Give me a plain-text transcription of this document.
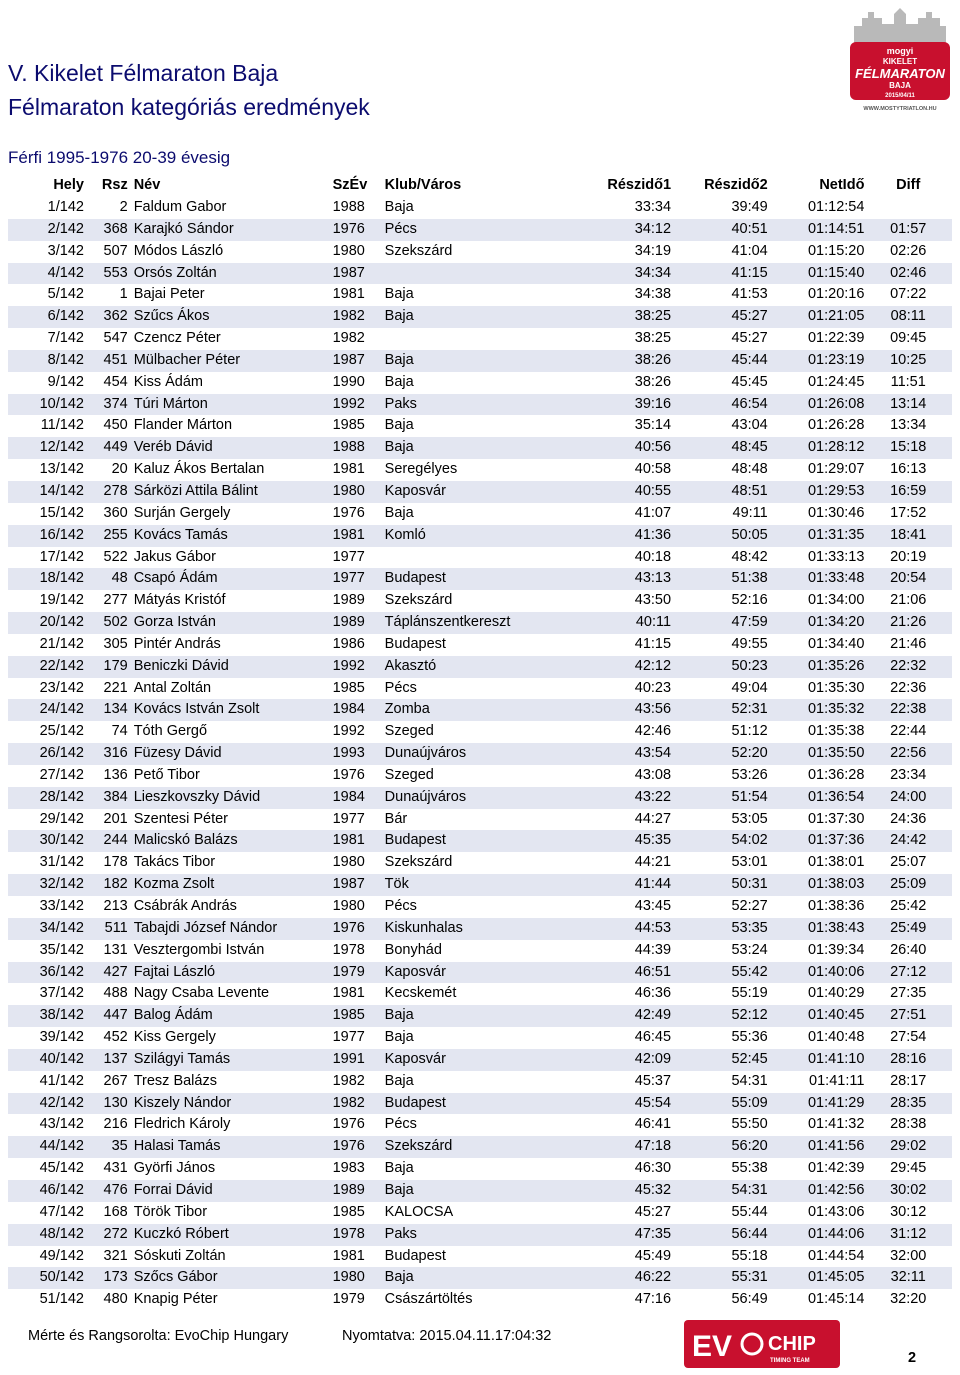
V. Kikelet Félmaraton Baja
Félmaraton kategóriás eredmények
Férfi 1995-1976 20-39 évesig
mogyi
KIKELET
FÉLMARATON
BAJA
2015/04/11
WWW.MOSTYTRIATLON.HU
Hely	Rsz	Név	SzÉv	Klub/Város	Részidő1	Részidő2	NetIdő	Diff
1/142	2	Faldum Gabor	1988	Baja	33:34	39:49	01:12:54	
2/142	368	Karajkó Sándor	1976	Pécs	34:12	40:51	01:14:51	01:57
3/142	507	Módos László	1980	Szekszárd	34:19	41:04	01:15:20	02:26
4/142	553	Orsós Zoltán	1987		34:34	41:15	01:15:40	02:46
5/142	1	Bajai Peter	1981	Baja	34:38	41:53	01:20:16	07:22
6/142	362	Szűcs Ákos	1982	Baja	38:25	45:27	01:21:05	08:11
7/142	547	Czencz Péter	1982		38:25	45:27	01:22:39	09:45
8/142	451	Mülbacher Péter	1987	Baja	38:26	45:44	01:23:19	10:25
9/142	454	Kiss Ádám	1990	Baja	38:26	45:45	01:24:45	11:51
10/142	374	Túri Márton	1992	Paks	39:16	46:54	01:26:08	13:14
11/142	450	Flander Márton	1985	Baja	35:14	43:04	01:26:28	13:34
12/142	449	Veréb Dávid	1988	Baja	40:56	48:45	01:28:12	15:18
13/142	20	Kaluz Ákos Bertalan	1981	Seregélyes	40:58	48:48	01:29:07	16:13
14/142	278	Sárközi Attila Bálint	1980	Kaposvár	40:55	48:51	01:29:53	16:59
15/142	360	Surján Gergely	1976	Baja	41:07	49:11	01:30:46	17:52
16/142	255	Kovács Tamás	1981	Komló	41:36	50:05	01:31:35	18:41
17/142	522	Jakus Gábor	1977		40:18	48:42	01:33:13	20:19
18/142	48	Csapó Ádám	1977	Budapest	43:13	51:38	01:33:48	20:54
19/142	277	Mátyás Kristóf	1989	Szekszárd	43:50	52:16	01:34:00	21:06
20/142	502	Gorza István	1989	Táplánszentkereszt	40:11	47:59	01:34:20	21:26
21/142	305	Pintér András	1986	Budapest	41:15	49:55	01:34:40	21:46
22/142	179	Beniczki Dávid	1992	Akasztó	42:12	50:23	01:35:26	22:32
23/142	221	Antal Zoltán	1985	Pécs	40:23	49:04	01:35:30	22:36
24/142	134	Kovács István Zsolt	1984	Zomba	43:56	52:31	01:35:32	22:38
25/142	74	Tóth Gergő	1992	Szeged	42:46	51:12	01:35:38	22:44
26/142	316	Füzesy Dávid	1993	Dunaújváros	43:54	52:20	01:35:50	22:56
27/142	136	Pető Tibor	1976	Szeged	43:08	53:26	01:36:28	23:34
28/142	384	Lieszkovszky Dávid	1984	Dunaújváros	43:22	51:54	01:36:54	24:00
29/142	201	Szentesi Péter	1977	Bár	44:27	53:05	01:37:30	24:36
30/142	244	Malicskó Balázs	1981	Budapest	45:35	54:02	01:37:36	24:42
31/142	178	Takács Tibor	1980	Szekszárd	44:21	53:01	01:38:01	25:07
32/142	182	Kozma Zsolt	1987	Tök	41:44	50:31	01:38:03	25:09
33/142	213	Csábrák András	1980	Pécs	43:45	52:27	01:38:36	25:42
34/142	511	Tabajdi József Nándor	1976	Kiskunhalas	44:53	53:35	01:38:43	25:49
35/142	131	Vesztergombi István	1978	Bonyhád	44:39	53:24	01:39:34	26:40
36/142	427	Fajtai László	1979	Kaposvár	46:51	55:42	01:40:06	27:12
37/142	488	Nagy Csaba Levente	1981	Kecskemét	46:36	55:19	01:40:29	27:35
38/142	447	Balog Ádám	1985	Baja	42:49	52:12	01:40:45	27:51
39/142	452	Kiss Gergely	1977	Baja	46:45	55:36	01:40:48	27:54
40/142	137	Szilágyi Tamás	1991	Kaposvár	42:09	52:45	01:41:10	28:16
41/142	267	Tresz Balázs	1982	Baja	45:37	54:31	01:41:11	28:17
42/142	130	Kiszely Nándor	1982	Budapest	45:54	55:09	01:41:29	28:35
43/142	216	Fledrich Károly	1976	Pécs	46:41	55:50	01:41:32	28:38
44/142	35	Halasi Tamás	1976	Szekszárd	47:18	56:20	01:41:56	29:02
45/142	431	Györfi János	1983	Baja	46:30	55:38	01:42:39	29:45
46/142	476	Forrai Dávid	1989	Baja	45:32	54:31	01:42:56	30:02
47/142	168	Török Tibor	1985	KALOCSA	45:27	55:44	01:43:06	30:12
48/142	272	Kuczkó Róbert	1978	Paks	47:35	56:44	01:44:06	31:12
49/142	321	Sóskuti Zoltán	1981	Budapest	45:49	55:18	01:44:54	32:00
50/142	173	Szőcs Gábor	1980	Baja	46:22	55:31	01:45:05	32:11
51/142	480	Knapig Péter	1979	Császártöltés	47:16	56:49	01:45:14	32:20
Mérte és Rangsorolta: EvoChip Hungary	Nyomtatva: 2015.04.11.17:04:32	EV CHIP
TIMING TEAM	2
